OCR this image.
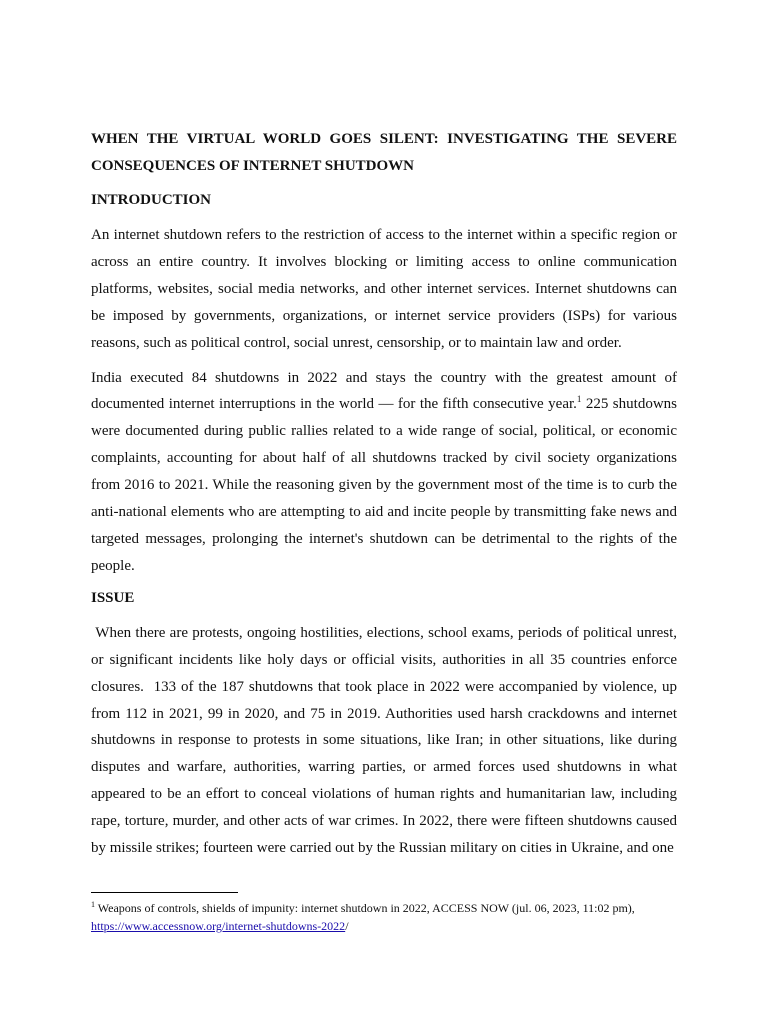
WHEN THE VIRTUAL WORLD GOES SILENT: INVESTIGATING THE SEVERE CONSEQUENCES OF INTERNET SHUTDOWN

INTRODUCTION

An internet shutdown refers to the restriction of access to the internet within a specific region or across an entire country. It involves blocking or limiting access to online communication platforms, websites, social media networks, and other internet services. Internet shutdowns can be imposed by governments, organizations, or internet service providers (ISPs) for various reasons, such as political control, social unrest, censorship, or to maintain law and order.

India executed 84 shutdowns in 2022 and stays the country with the greatest amount of documented internet interruptions in the world — for the fifth consecutive year.$^1$ 225 shutdowns were documented during public rallies related to a wide range of social, political, or economic complaints, accounting for about half of all shutdowns tracked by civil society organizations from 2016 to 2021. While the reasoning given by the government most of the time is to curb the anti-national elements who are attempting to aid and incite people by transmitting fake news and targeted messages, prolonging the internet's shutdown can be detrimental to the rights of the people.

ISSUE

When there are protests, ongoing hostilities, elections, school exams, periods of political unrest, or significant incidents like holy days or official visits, authorities in all 35 countries enforce closures.  133 of the 187 shutdowns that took place in 2022 were accompanied by violence, up from 112 in 2021, 99 in 2020, and 75 in 2019. Authorities used harsh crackdowns and internet shutdowns in response to protests in some situations, like Iran; in other situations, like during disputes and warfare, authorities, warring parties, or armed forces used shutdowns in what appeared to be an effort to conceal violations of human rights and humanitarian law, including rape, torture, murder, and other acts of war crimes. In 2022, there were fifteen shutdowns caused by missile strikes; fourteen were carried out by the Russian military on cities in Ukraine, and one

$^1$ Weapons of controls, shields of impunity: internet shutdown in 2022, ACCESS NOW (jul. 06, 2023, 11:02 pm),
https://www.accessnow.org/internet-shutdowns-2022/
